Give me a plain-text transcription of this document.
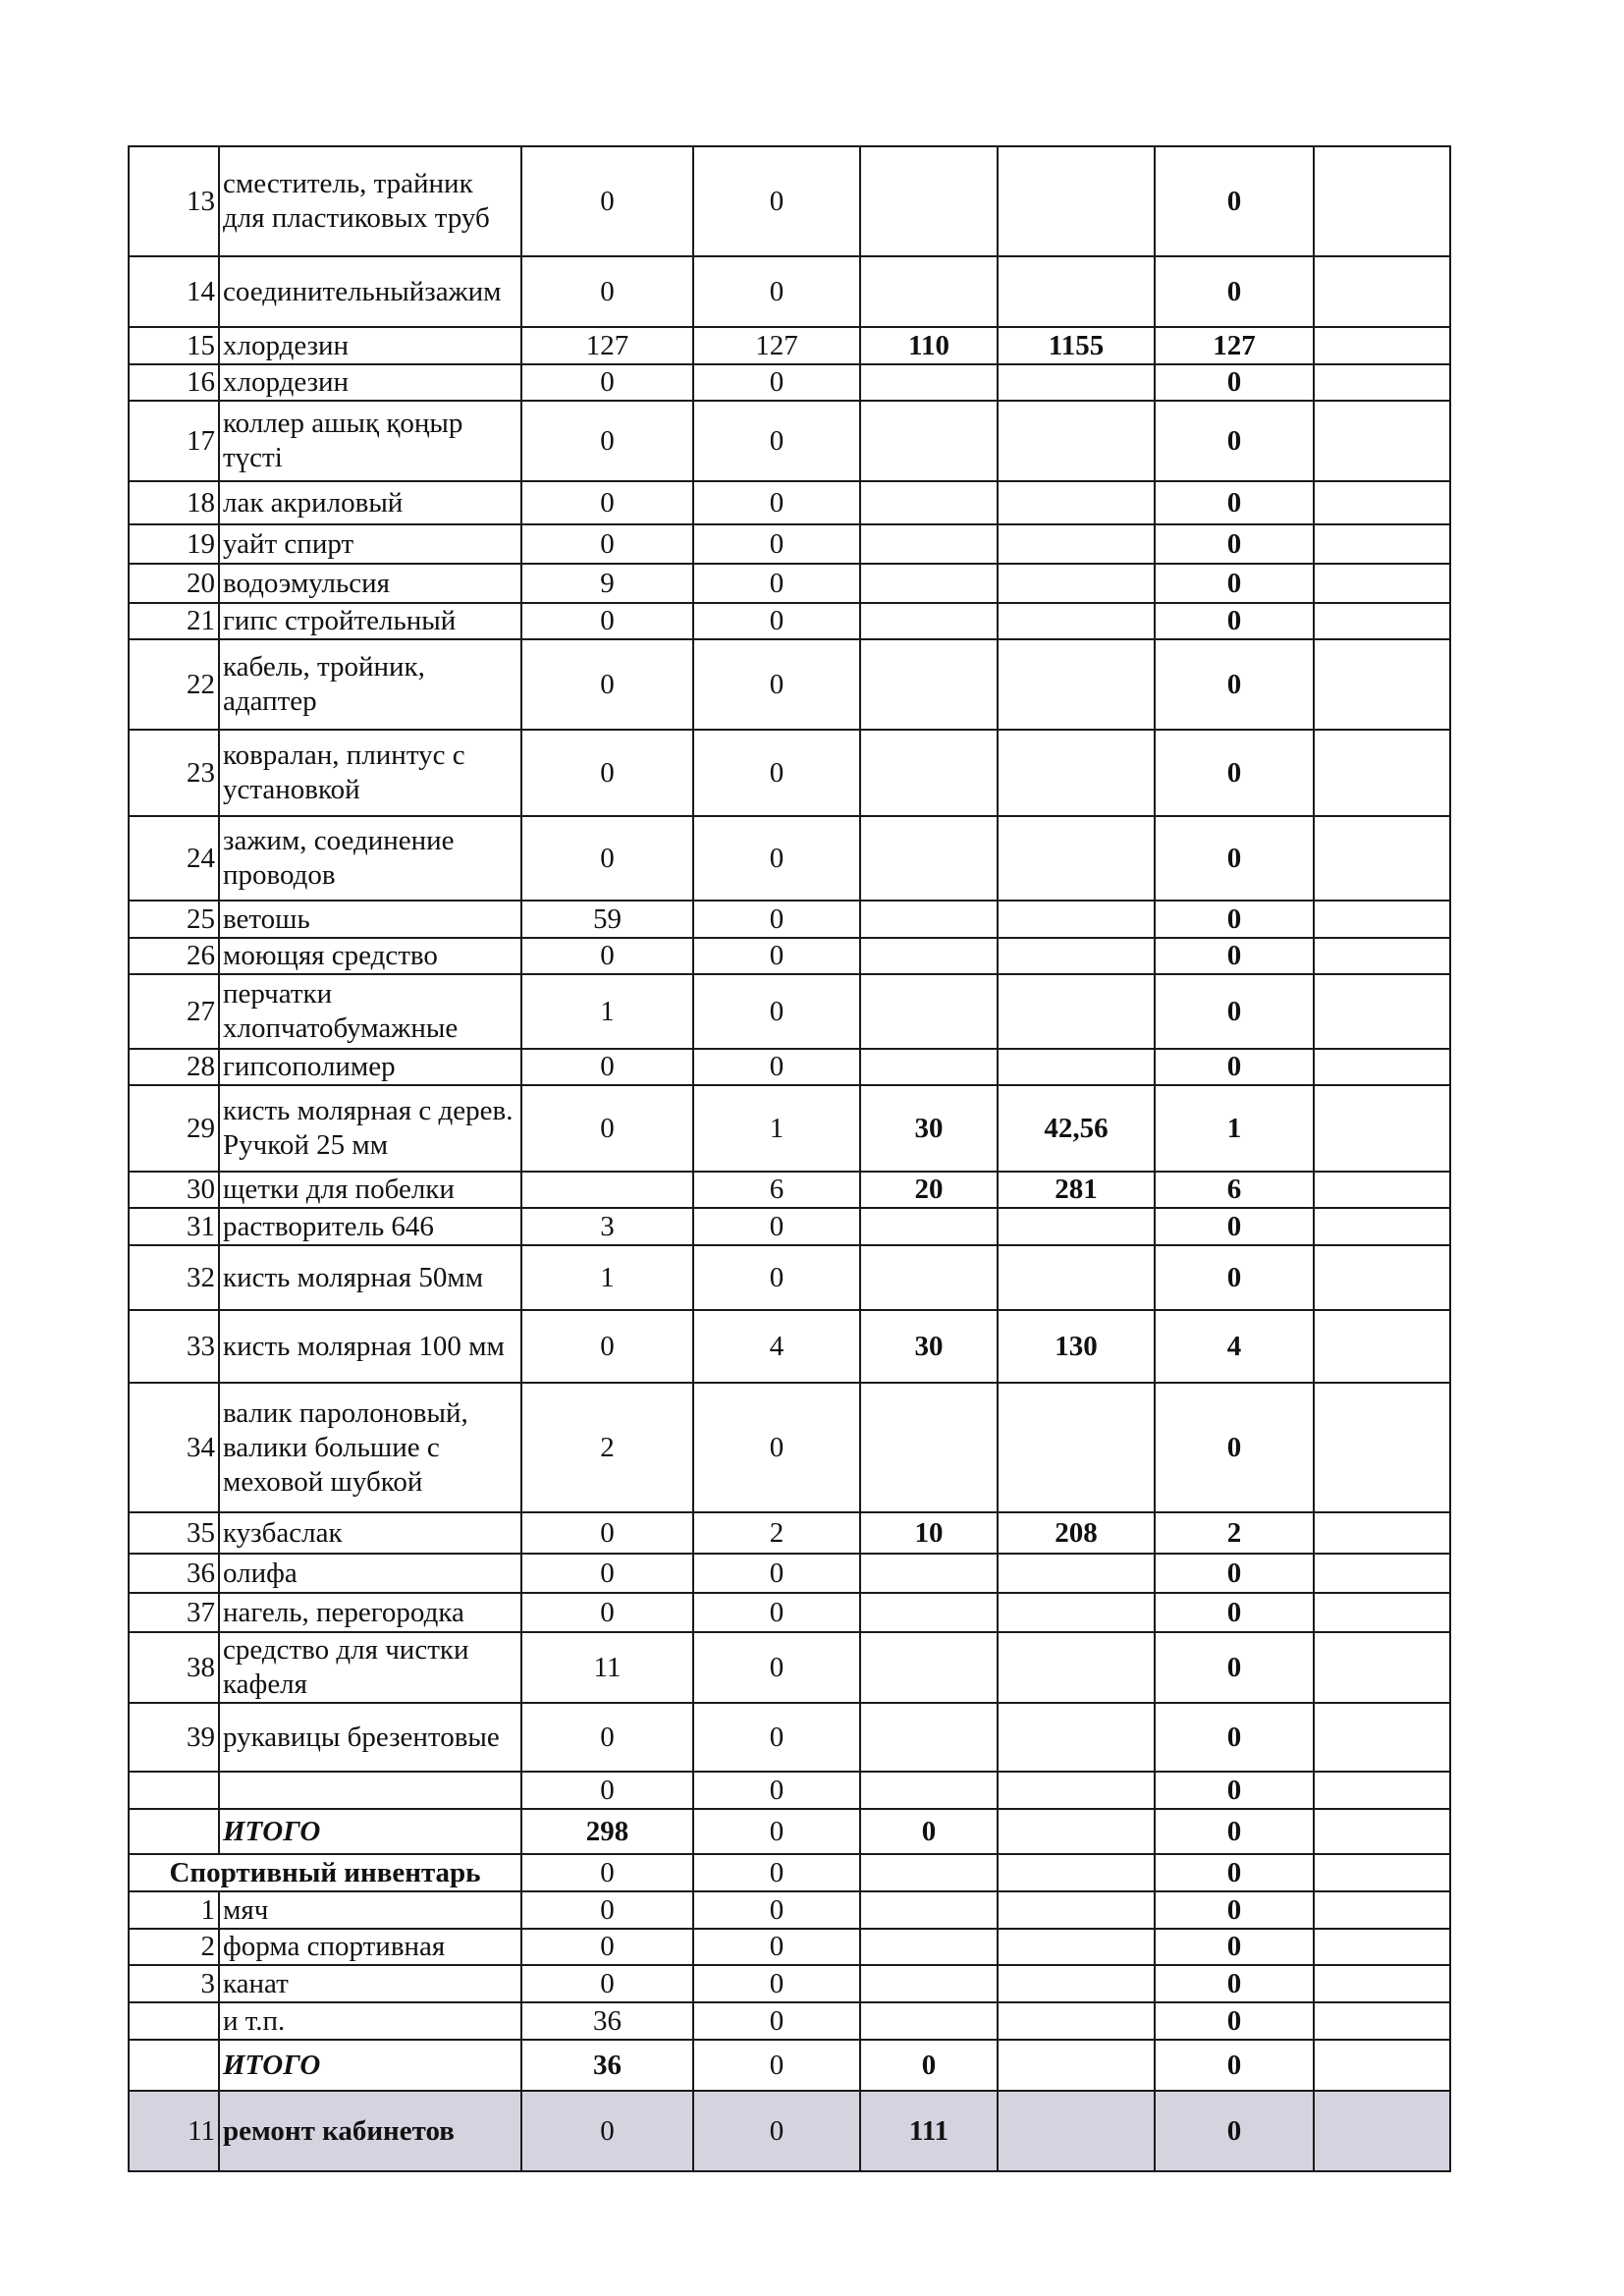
13	сместитель, трайник для пластиковых труб	0	0			0	
14	соединительныйзажим	0	0			0	
15	хлордезин	127	127	110	1155	127	
16	хлордезин	0	0			0	
17	коллер ашық қоңыр түсті	0	0			0	
18	лак акриловый	0	0			0	
19	уайт спирт	0	0			0	
20	водоэмульсия	9	0			0	
21	гипс стройтельный	0	0			0	
22	кабель, тройник, адаптер	0	0			0	
23	ковралан, плинтус с установкой	0	0			0	
24	зажим, соединение проводов	0	0			0	
25	ветошь	59	0			0	
26	моющяя средство	0	0			0	
27	перчатки хлопчатобумажные	1	0			0	
28	гипсополимер	0	0			0	
29	кисть молярная с дерев. Ручкой 25 мм	0	1	30	42,56	1	
30	щетки для побелки		6	20	281	6	
31	растворитель 646	3	0			0	
32	кисть молярная 50мм	1	0			0	
33	кисть молярная 100 мм	0	4	30	130	4	
34	валик паролоновый, валики большие с меховой шубкой	2	0			0	
35	кузбаслак	0	2	10	208	2	
36	олифа	0	0			0	
37	нагель, перегородка	0	0			0	
38	средство для чистки кафеля	11	0			0	
39	рукавицы брезентовые	0	0			0	
		0	0			0	
	ИТОГО	298	0	0		0	
Спортивный инвентарь		0	0			0	
1	мяч	0	0			0	
2	форма спортивная	0	0			0	
3	канат	0	0			0	
	и т.п.	36	0			0	
	ИТОГО	36	0	0		0	
11	ремонт кабинетов	0	0	111		0	
